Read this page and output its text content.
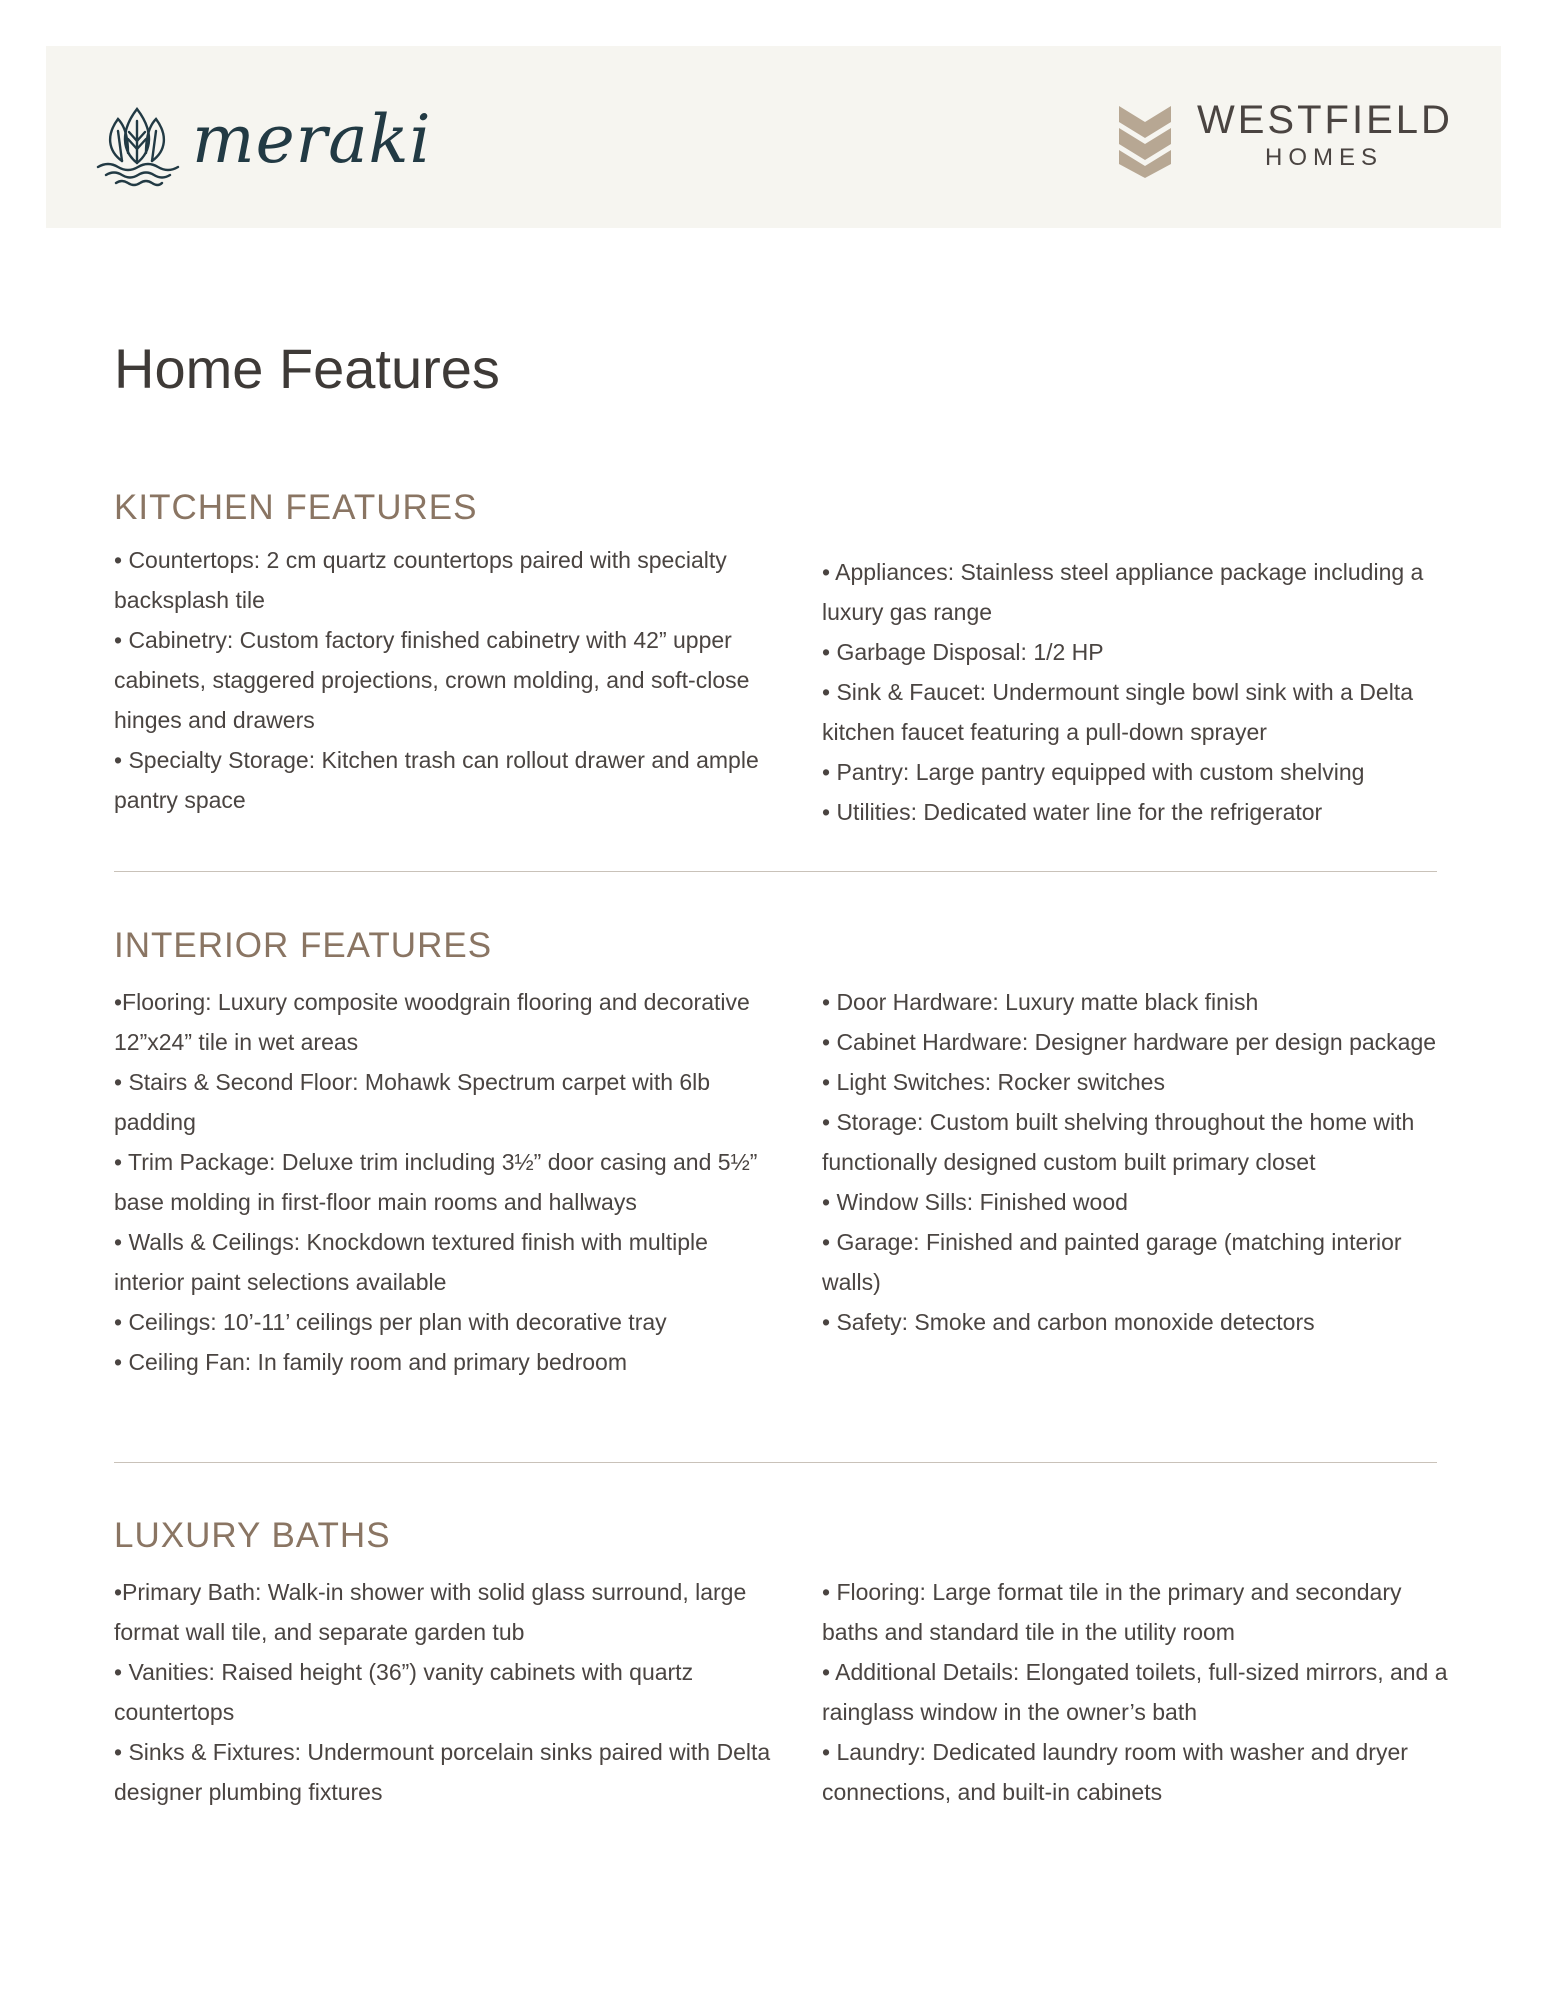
meraki	WESTFIELD
HOMES
Home Features
KITCHEN FEATURES

• Countertops: 2 cm quartz countertops paired with specialty backsplash tile

• Cabinetry: Custom factory finished cabinetry with 42” upper cabinets, staggered projections, crown molding, and soft-close hinges and drawers

• Specialty Storage: Kitchen trash can rollout drawer and ample pantry space

• Appliances: Stainless steel appliance package including a luxury gas range

• Garbage Disposal: 1/2 HP

• Sink & Faucet: Undermount single bowl sink with a Delta kitchen faucet featuring a pull-down sprayer

• Pantry: Large pantry equipped with custom shelving

• Utilities: Dedicated water line for the refrigerator

INTERIOR FEATURES

•Flooring: Luxury composite woodgrain flooring and decorative 12”x24” tile in wet areas

• Stairs & Second Floor: Mohawk Spectrum carpet with 6lb padding

• Trim Package: Deluxe trim including 3½” door casing and 5½” base molding in first-floor main rooms and hallways

• Walls & Ceilings: Knockdown textured finish with multiple interior paint selections available

• Ceilings: 10’-11’ ceilings per plan with decorative tray

• Ceiling Fan: In family room and primary bedroom

• Door Hardware: Luxury matte black finish

• Cabinet Hardware: Designer hardware per design package

• Light Switches: Rocker switches

• Storage: Custom built shelving throughout the home with functionally designed custom built primary closet

• Window Sills: Finished wood

• Garage: Finished and painted garage (matching interior walls)

• Safety: Smoke and carbon monoxide detectors

LUXURY BATHS

•Primary Bath: Walk-in shower with solid glass surround, large format wall tile, and separate garden tub

• Vanities: Raised height (36”) vanity cabinets with quartz countertops

• Sinks & Fixtures: Undermount porcelain sinks paired with Delta designer plumbing fixtures

• Flooring: Large format tile in the primary and secondary baths and standard tile in the utility room

• Additional Details: Elongated toilets, full-sized mirrors, and a rainglass window in the owner’s bath

• Laundry: Dedicated laundry room with washer and dryer connections, and built-in cabinets
